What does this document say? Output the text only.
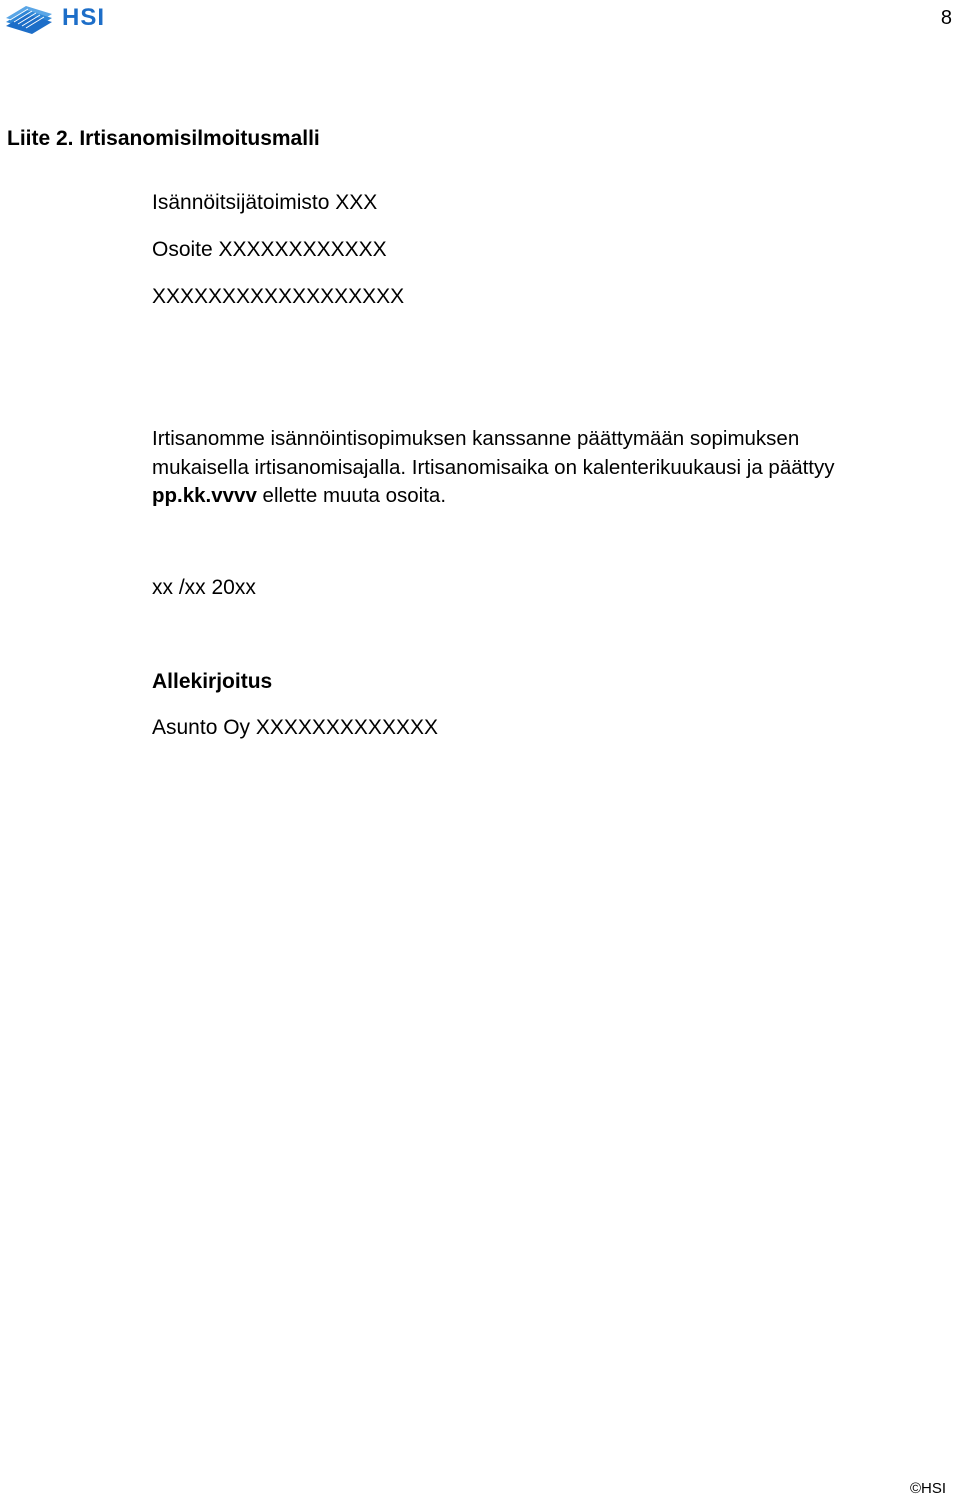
HSI	8
Liite 2. Irtisanomisilmoitusmalli
Isännöitsijätoimisto XXX
Osoite XXXXXXXXXXXX
XXXXXXXXXXXXXXXXXX
Irtisanomme isännöintisopimuksen kanssanne päättymään sopimuksen
mukaisella irtisanomisajalla. Irtisanomisaika on kalenterikuukausi ja päättyy
pp.kk.vvvv ellette muuta osoita.
xx /xx 20xx
Allekirjoitus
Asunto Oy XXXXXXXXXXXXX
©HSI
